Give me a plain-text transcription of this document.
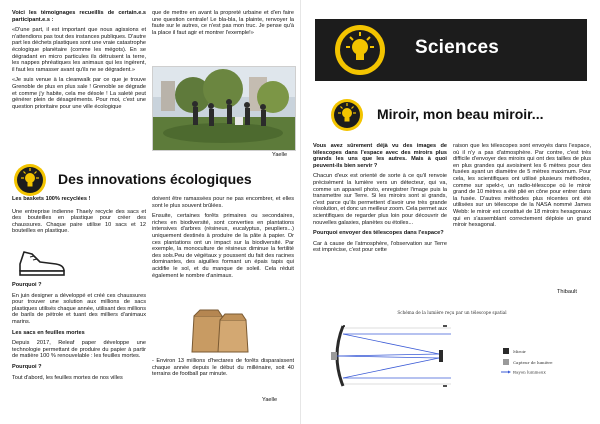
Voici les témoignages recueillis de certain.e.s participant.e.s :

«D'une part, il est important que nous agissions et n'attendions pas tout des instances publiques. D'autre part les déchets plastiques sont une vraie catastrophe écologique planétaire (comme les mégots). En se dégradant en micro particules ils détruisent la terre, les nappes phréatiques les animaux qui les ingèrent, il faut les ramasser avant qu'ils ne se dégradent.»

«Je suis venue à la cleanwalk par ce que je trouve Grenoble de plus en plus sale ! Grenoble se dégrade et comme j'y habite, cela me désole ! La saleté peut générer plein de désagréments. Pour moi, c'est une question prioritaire pour une ville écologique

que de mettre en avant la propreté urbaine et d'en faire une question centrale! Le bla-bla, la plainte, renvoyer la faute sur le autres, ce n'est pas mon truc. Je pense qu'à la place il faut agir et montrer l'exemple!»

Yaelle

Des innovations écologiques

Les baskets 100% recyclées !

Une entreprise indienne Thaely recycle des sacs et des bouteilles en plastique pour créer des chaussures. Chaque paire utilise 10 sacs et 12 bouteilles en plastique.

Pourquoi ?

En juin designer a développé et créé ces chaussures pour trouver une solution aux millions de sacs plastiques utilisés chaque année, utilisant des millions de barils de pétrole et tuant des milliers d'animaux marins.

Les sacs en feuilles mortes

Depuis 2017, Releaf paper développe une technologie permettant de produire du papier à partir de matière 100 % renouvelable : les feuilles mortes.

Pourquoi ?

Tout d'abord, les feuilles mortes de nos villes

doivent être ramassées pour ne pas encombrer, et elles sont le plus souvent brûlées.

Ensuite, certaines forêts primaires ou secondaires, riches en biodiversité, sont converties en plantations intensives d'arbres (résineux, eucalyptus, peupliers...) uniquement destinés à produire de la pâte à papier. Or ces plantations ont un impact sur la biodiversité. Par exemple, la monoculture de résineux diminue la fertilité des sols.Peu de végétaux y poussent du fait des racines dominantes, des aiguilles formant un épais tapis qui acidifie le sol, et du manque de soleil. Cela réduit également le nombre d'animaux.

- Environ 13 millions d'hectares de forêts disparaissent chaque année depuis le début du millénaire, soit 40 terrains de football par minute.

Yaelle
Sciences
Miroir, mon beau miroir...

Vous avez sûrement déjà vu des images de télescopes dans l'espace avec des miroirs plus grands les uns que les autres. Mais à quoi peuvent-ils bien servir ?

Chacun d'eux est orienté de sorte à ce qu'il renvoie précisément la lumière vers un détecteur, qui va, comme un appareil photo, enregistrer l'image puis la transmettre sur Terre. Si les miroirs sont si grands, c'est parce qu'ils permettent d'avoir une très grande résolution, et donc un meilleur zoom. Cela permet aux scientifiques de regarder plus loin pour découvrir de nouvelles galaxies, planètes ou étoiles...

Pourquoi envoyer des télescopes dans l'espace?

Car à cause de l'atmosphère, l'observation sur Terre est imprécise, c'est pour cette

raison que les télescopes sont envoyés dans l'espace, où il n'y a pas d'atmosphère. Par contre, c'est très difficile d'envoyer des miroirs qui ont des tailles de plus en plus grandes qui avoisinent les 6 mètres pour des fusées ayant un diamètre de 5 mètres maximum. Pour cela, les scientifiques ont utilisé plusieurs méthodes, comme sur spekt-r, un radio-télescope où le miroir grand de 10 mètres a été plié en cône pour entrer dans la fusée. D'autres méthodes plus récentes ont été utilisées sur un télescope de la NASA nommé James Webb: le miroir est constitué de 18 miroirs hexagonaux qui en s'assemblant correctement déploie un grand miroir hexagonal.

Thibault
Schéma de la lumière reçu par un télescope spatial
Miroir
Capteur de lumière
Rayon lumineux
